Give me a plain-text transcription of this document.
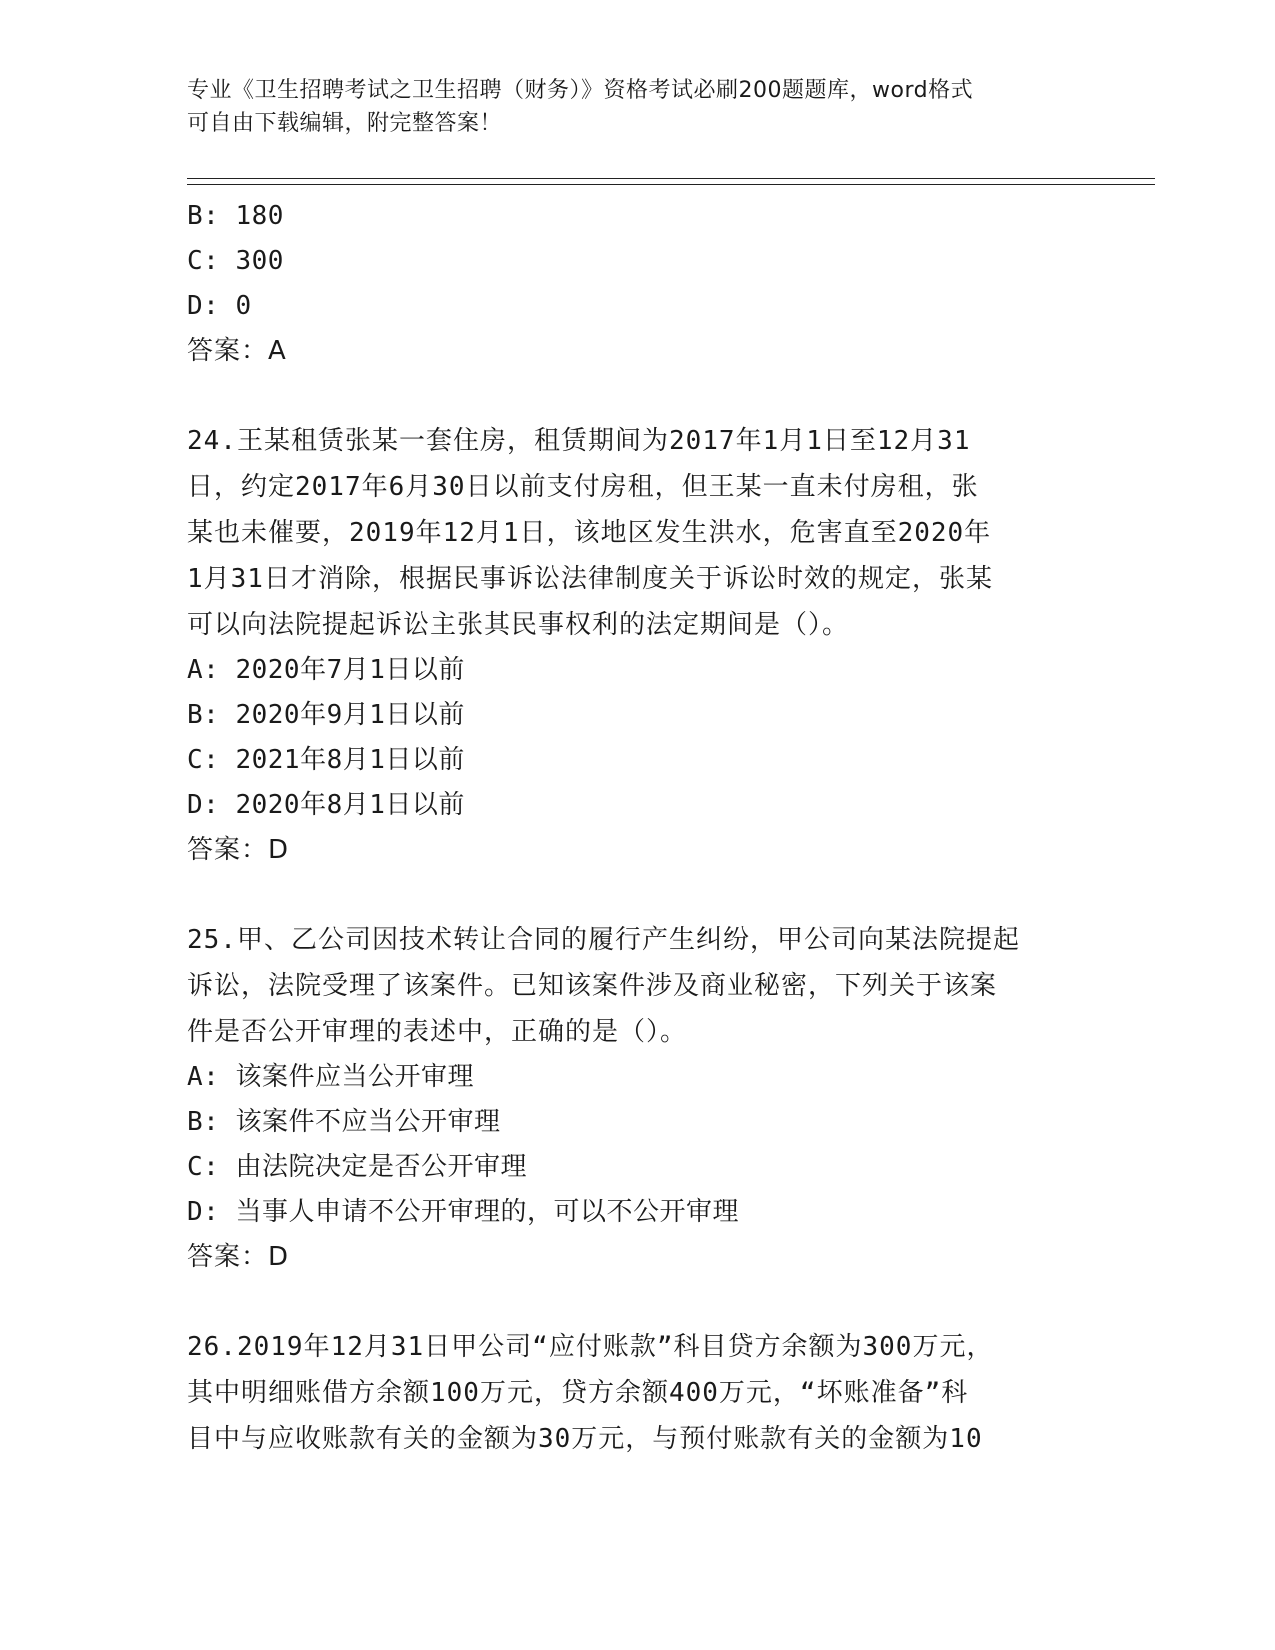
专业《卫生招聘考试之卫生招聘（财务）》资格考试必刷200题题库，word格式
可自由下载编辑，附完整答案！
B: 180
C: 300
D: 0
答案：A
24.王某租赁张某一套住房，租赁期间为2017年1月1日至12月31
日，约定2017年6月30日以前支付房租，但王某一直未付房租，张
某也未催要，2019年12月1日，该地区发生洪水，危害直至2020年
1月31日才消除，根据民事诉讼法律制度关于诉讼时效的规定，张某
可以向法院提起诉讼主张其民事权利的法定期间是（）。
A: 2020年7月1日以前
B: 2020年9月1日以前
C: 2021年8月1日以前
D: 2020年8月1日以前
答案：D
25.甲、乙公司因技术转让合同的履行产生纠纷，甲公司向某法院提起
诉讼，法院受理了该案件。已知该案件涉及商业秘密，下列关于该案
件是否公开审理的表述中，正确的是（）。
A: 该案件应当公开审理
B: 该案件不应当公开审理
C: 由法院决定是否公开审理
D: 当事人申请不公开审理的，可以不公开审理
答案：D
26.2019年12月31日甲公司“应付账款”科目贷方余额为300万元，
其中明细账借方余额100万元，贷方余额400万元，“坏账准备”科
目中与应收账款有关的金额为30万元，与预付账款有关的金额为10
